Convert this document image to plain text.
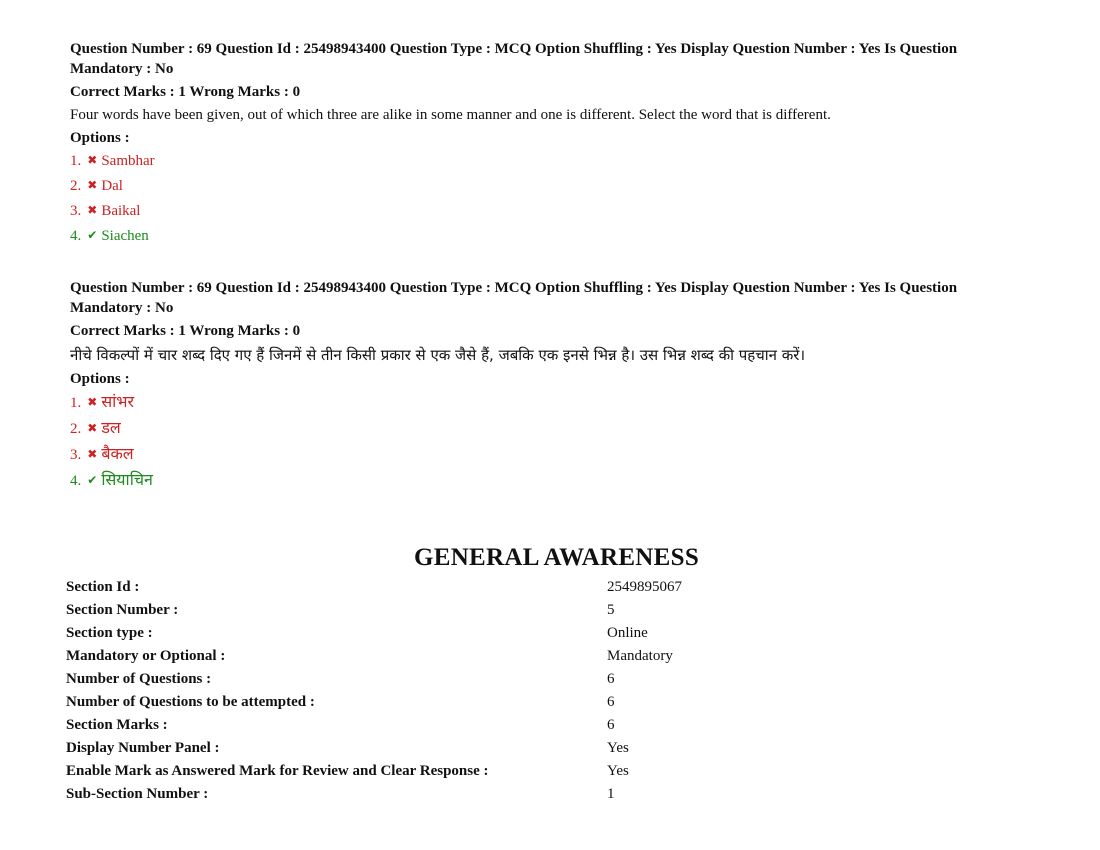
Question Number : 69 Question Id : 25498943400 Question Type : MCQ Option Shuffling : Yes Display Question Number : Yes Is Question Mandatory : No
Correct Marks : 1 Wrong Marks : 0
Four words have been given, out of which three are alike in some manner and one is different. Select the word that is different.
Options :
1. ✖ Sambhar
2. ✖ Dal
3. ✖ Baikal
4. ✔ Siachen
Question Number : 69 Question Id : 25498943400 Question Type : MCQ Option Shuffling : Yes Display Question Number : Yes Is Question Mandatory : No
Correct Marks : 1 Wrong Marks : 0
नीचे विकल्पों में चार शब्द दिए गए हैं जिनमें से तीन किसी प्रकार से एक जैसे हैं, जबकि एक इनसे भिन्न है। उस भिन्न शब्द की पहचान करें।
Options :
1. ✖ सांभर
2. ✖ डल
3. ✖ बैकल
4. ✔ सियाचिन
GENERAL AWARENESS
Section Id :	2549895067
Section Number :	5
Section type :	Online
Mandatory or Optional :	Mandatory
Number of Questions :	6
Number of Questions to be attempted :	6
Section Marks :	6
Display Number Panel :	Yes
Enable Mark as Answered Mark for Review and Clear Response :	Yes
Sub-Section Number :	1
